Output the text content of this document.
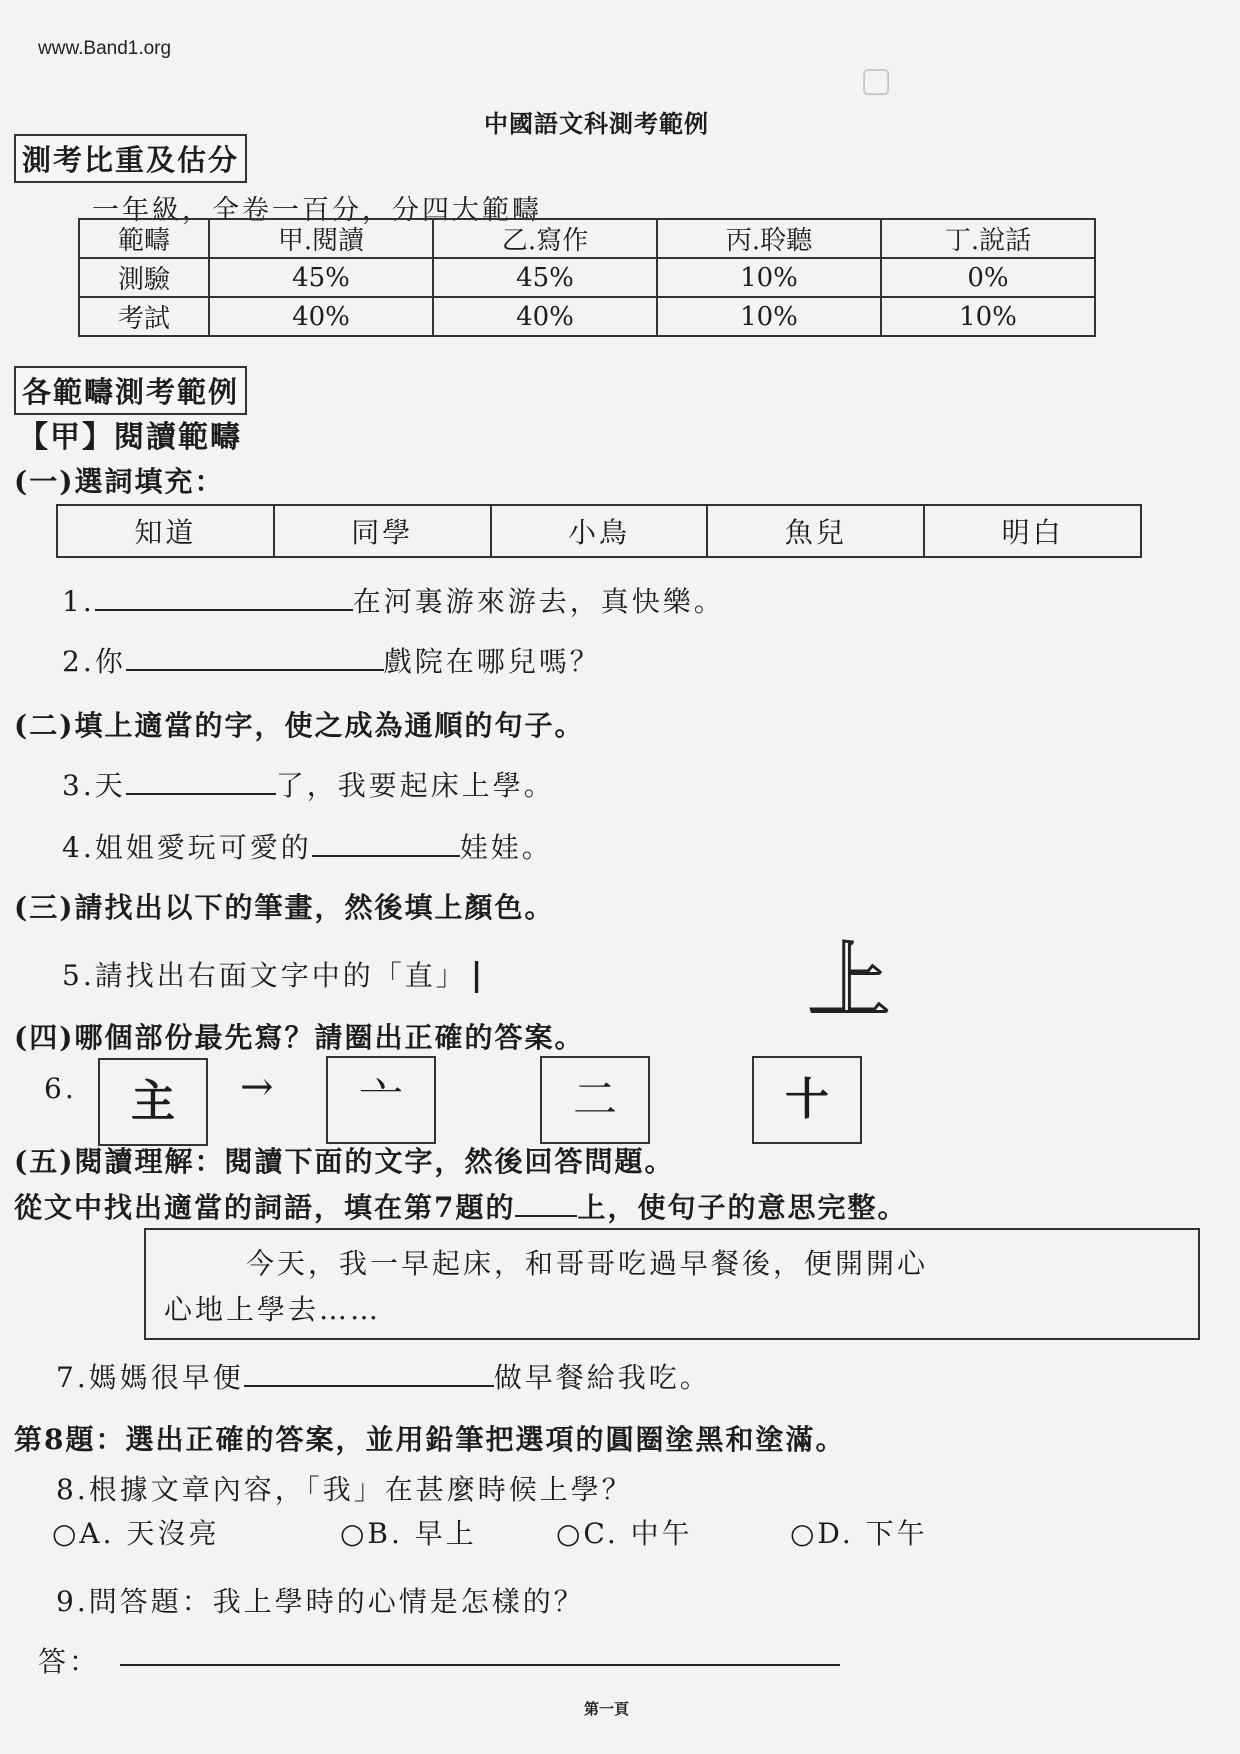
▢
www.Band1.org
中國語文科測考範例
測考比重及估分
一年級，全卷一百分，分四大範疇
範疇	甲.閱讀	乙.寫作	丙.聆聽	丁.說話
測驗	45%	45%	10%	0%
考試	40%	40%	10%	10%
各範疇測考範例
【甲】閱讀範疇
(一)選詞填充：
知道	同學	小鳥	魚兒	明白
1.	在河裏游來游去，真快樂。
2.你	戲院在哪兒嗎？
(二)填上適當的字，使之成為通順的句子。
3.天	了，我要起床上學。
4.姐姐愛玩可愛的	娃娃。
(三)請找出以下的筆畫，然後填上顏色。
5.請找出右面文字中的「直」 |	上
(四)哪個部份最先寫？請圈出正確的答案。
6.	主	→	亠	二	十
(五)閱讀理解：閱讀下面的文字，然後回答問題。
從文中找出適當的詞語，填在第7題的 上，使句子的意思完整。
今天，我一早起床，和哥哥吃過早餐後，便開開心
心地上學去……
7.媽媽很早便	做早餐給我吃。
第8題：選出正確的答案，並用鉛筆把選項的圓圈塗黑和塗滿。
8.根據文章內容，「我」在甚麼時候上學？
○A. 天沒亮	○B. 早上	○C. 中午	○D. 下午
9.問答題：我上學時的心情是怎樣的？
答：
第一頁
